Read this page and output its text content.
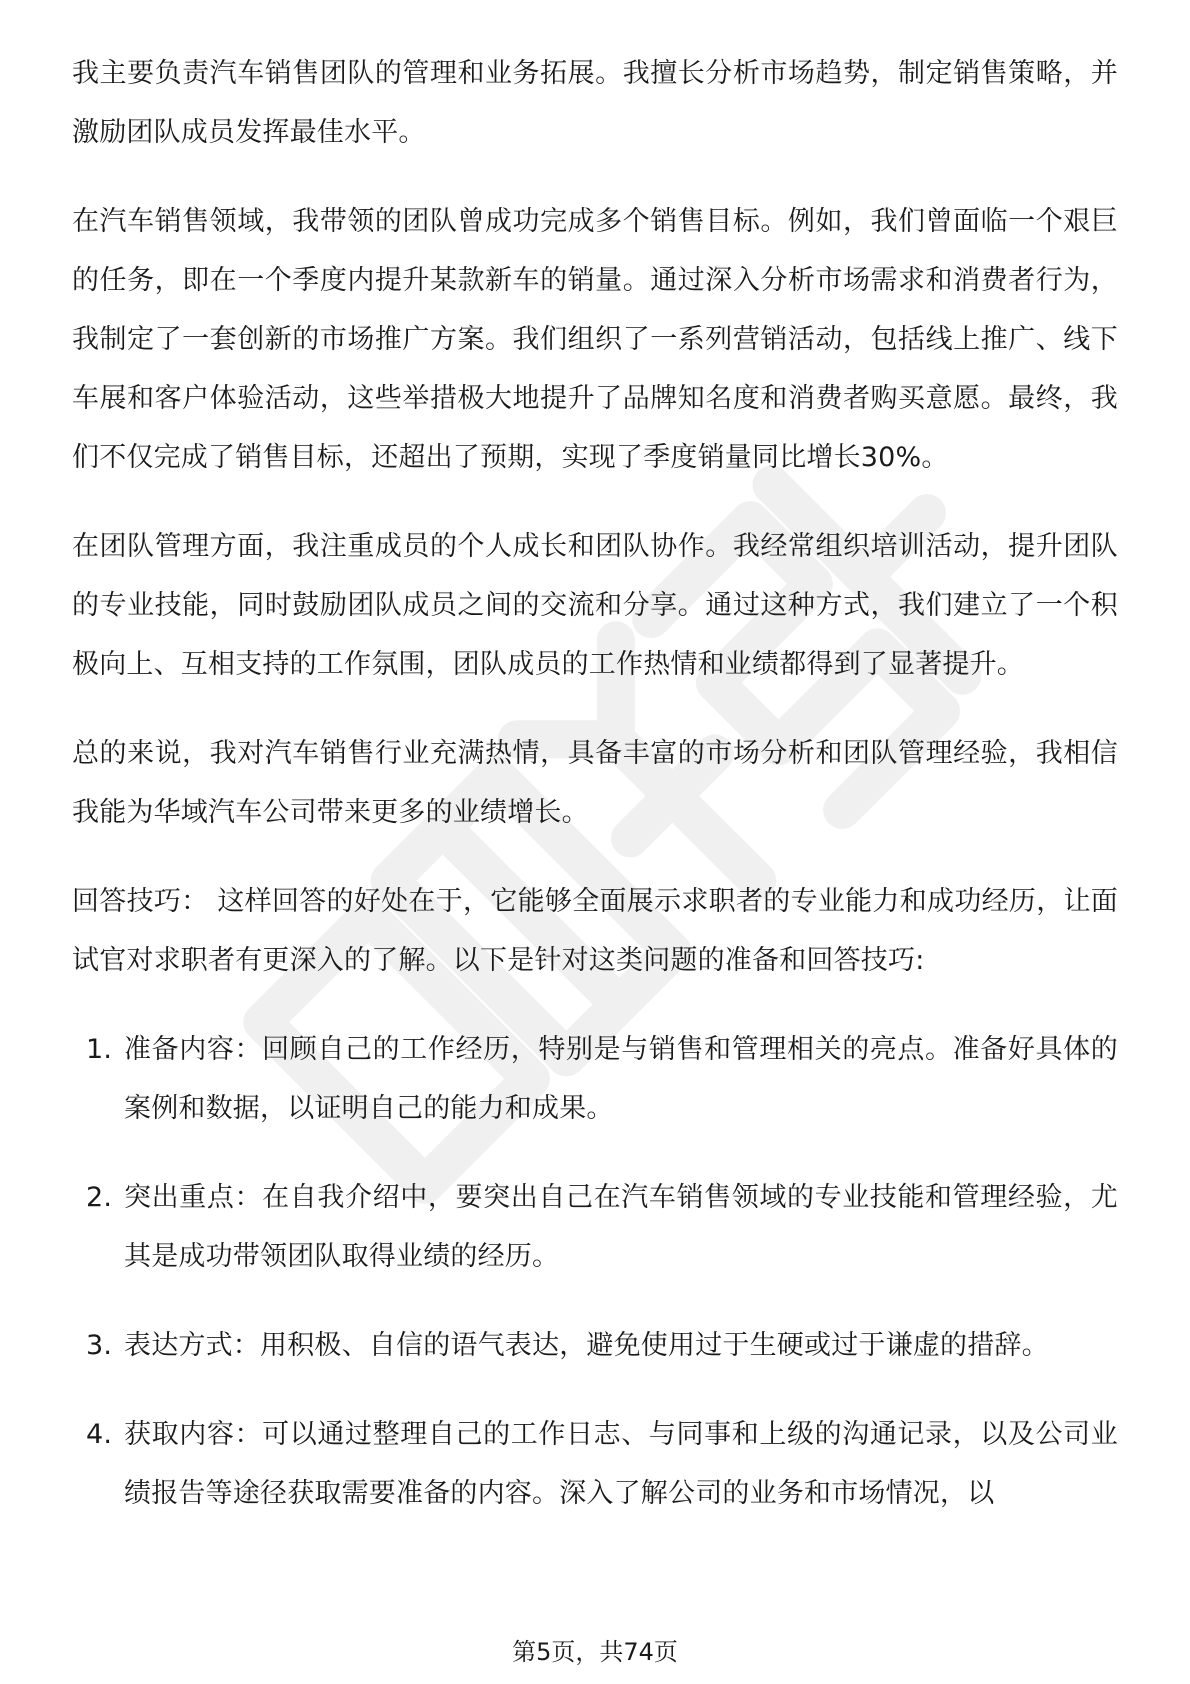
我主要负责汽车销售团队的管理和业务拓展。我擅长分析市场趋势，制定销售策略，并激励团队成员发挥最佳水平。

在汽车销售领域，我带领的团队曾成功完成多个销售目标。例如，我们曾面临一个艰巨的任务，即在一个季度内提升某款新车的销量。通过深入分析市场需求和消费者行为，我制定了一套创新的市场推广方案。我们组织了一系列营销活动，包括线上推广、线下车展和客户体验活动，这些举措极大地提升了品牌知名度和消费者购买意愿。最终，我们不仅完成了销售目标，还超出了预期，实现了季度销量同比增长30%。

在团队管理方面，我注重成员的个人成长和团队协作。我经常组织培训活动，提升团队的专业技能，同时鼓励团队成员之间的交流和分享。通过这种方式，我们建立了一个积极向上、互相支持的工作氛围，团队成员的工作热情和业绩都得到了显著提升。

总的来说，我对汽车销售行业充满热情，具备丰富的市场分析和团队管理经验，我相信我能为华域汽车公司带来更多的业绩增长。

回答技巧： 这样回答的好处在于，它能够全面展示求职者的专业能力和成功经历，让面试官对求职者有更深入的了解。以下是针对这类问题的准备和回答技巧:

1. 准备内容：回顾自己的工作经历，特别是与销售和管理相关的亮点。准备好具体的案例和数据，以证明自己的能力和成果。
2. 突出重点：在自我介绍中，要突出自己在汽车销售领域的专业技能和管理经验，尤其是成功带领团队取得业绩的经历。
3. 表达方式：用积极、自信的语气表达，避免使用过于生硬或过于谦虚的措辞。
4. 获取内容：可以通过整理自己的工作日志、与同事和上级的沟通记录，以及公司业绩报告等途径获取需要准备的内容。深入了解公司的业务和市场情况，以
第5页，共74页
